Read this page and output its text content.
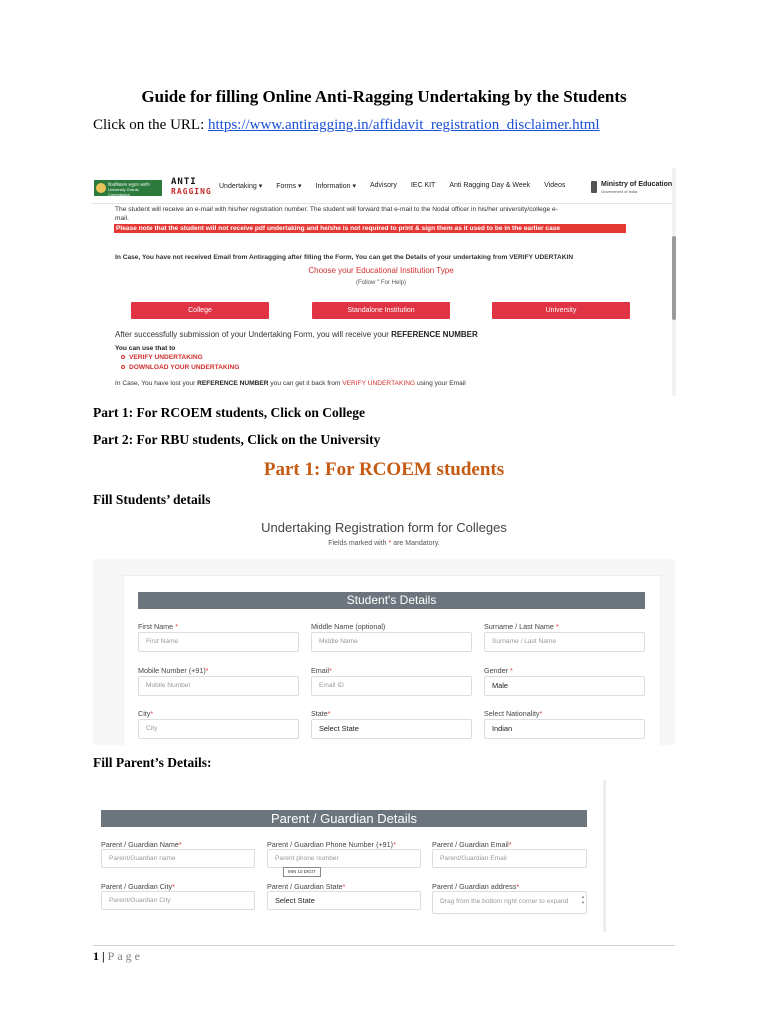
Guide for filling Online Anti-Ragging Undertaking by the Students
Click on the URL: https://www.antiragging.in/affidavit_registration_disclaimer.html
विश्वविद्यालय अनुदान आयोग University Grants Commission
ANTI
RAGGING
Undertaking ▾ Forms ▾ Information ▾ Advisory IEC KIT Anti Ragging Day & Week Videos	Ministry of Education
Government of India
The student will receive an e-mail with his/her registration number. The student will forward that e-mail to the Nodal officer in his/her university/college e-
mail.
Please note that the student will not receive pdf undertaking and he/she is not required to print & sign them as it used to be in the earlier case
In Case, You have not received Email from Antiragging after filling the Form, You can get the Details of your undertaking from VERIFY UDERTAKIN
Choose your Educational Institution Type
(Follow '' For Help)
College	Standalone Institution	University
After successfully submission of your Undertaking Form, you will receive your REFERENCE NUMBER
You can use that to
VERIFY UNDERTAKING
DOWNLOAD YOUR UNDERTAKING
In Case, You have lost your REFERENCE NUMBER you can get it back from VERIFY UNDERTAKING using your Email
Part 1: For RCOEM students, Click on College
Part 2: For RBU students, Click on the University
Part 1: For RCOEM students
Fill Students’ details
Undertaking Registration form for Colleges
Fields marked with * are Mandatory.
Student's Details
First Name *
First Name
Middle Name (optional)
Middle Name
Surname / Last Name *
Surname / Last Name
Mobile Number (+91)*
Mobile Number
Email*
Email ID
Gender *
Male
City*
City
State*
Select State
Select Nationality*
Indian
Fill Parent’s Details:
Parent / Guardian Details
Parent / Guardian Name*
Parent/Guardian name
Parent / Guardian Phone Number (+91)*
Parent phone number
MIN 10 DIGIT
Parent / Guardian Email*
Parent/Guardian Email
Parent / Guardian City*
Parent/Guardian City
Parent / Guardian State*
Select State
Parent / Guardian address*
Drag from the bottom right corner to expand
▴
▾
1 | Page
